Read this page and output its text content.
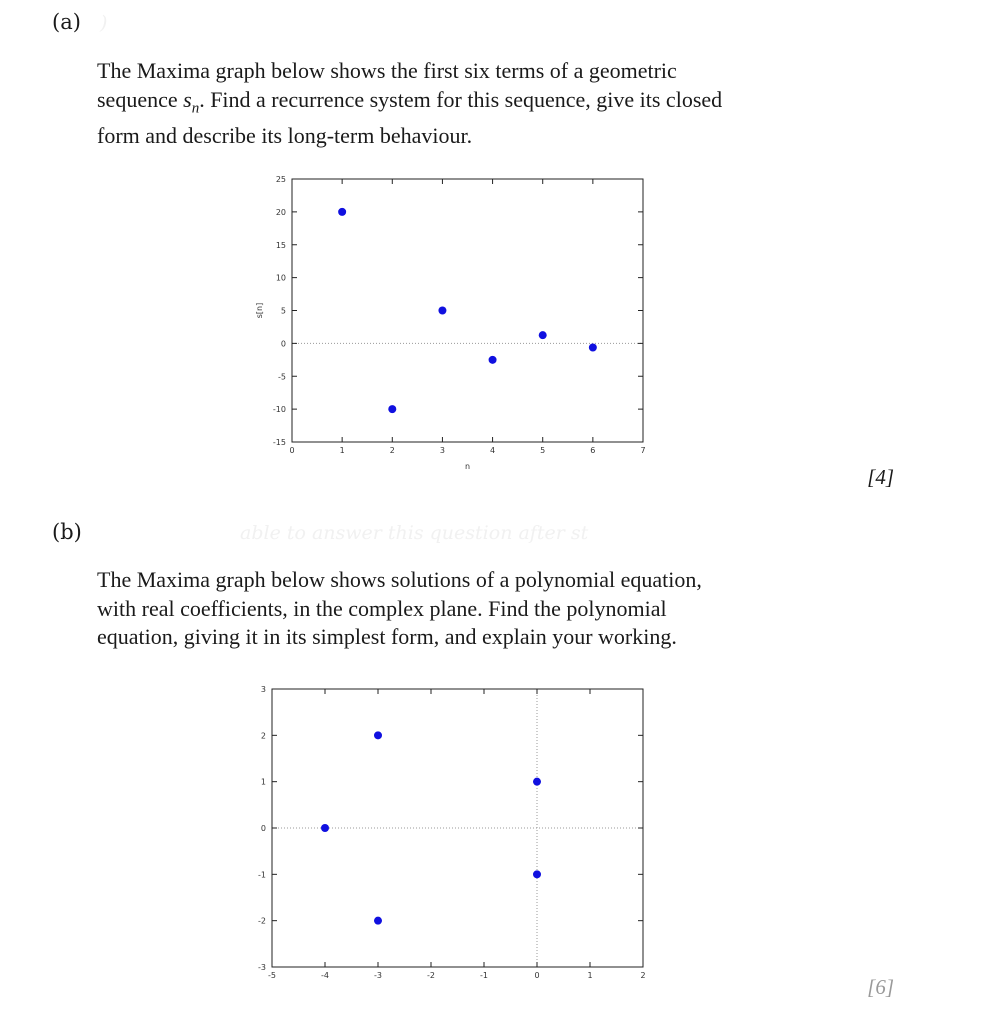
(a) )
The Maxima graph below shows the first six terms of a geometric
sequence $s_n$. Find a recurrence system for this sequence, give its closed
form and describe its long-term behaviour.
[4]
(b)	able to answer this question after st
The Maxima graph below shows solutions of a polynomial equation,
with real coefficients, in the complex plane. Find the polynomial
equation, giving it in its simplest form, and explain your working.
[6]
0	1	2	3	4	5	6	7
-15
-10
-5
0
5
10
15
20
25
n
s[n]
-5	-4	-3	-2	-1	0	1	2
-3
-2
-1
0
1
2
3
